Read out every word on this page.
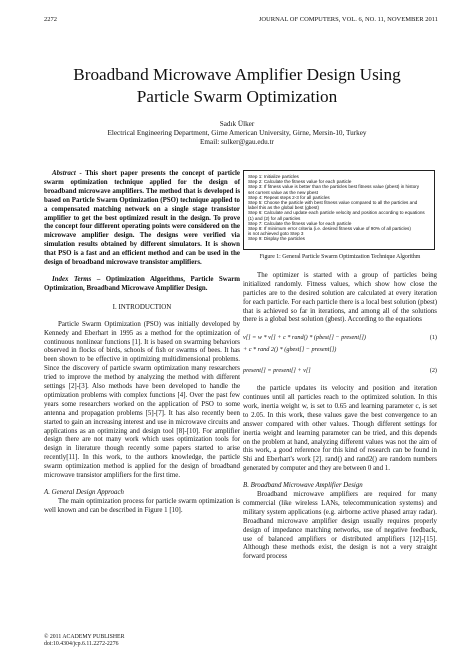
2272	JOURNAL OF COMPUTERS, VOL. 6, NO. 11, NOVEMBER 2011
Broadband Microwave Amplifier Design Using
Particle Swarm Optimization
Sadık Ülker
Electrical Engineering Department, Girne American University, Girne, Mersin-10, Turkey
Email: sulker@gau.edu.tr

Abstract - This short paper presents the concept of particle swarm optimization technique applied for the design of broadband microwave amplifiers. The method that is developed is based on Particle Swarm Optimization (PSO) technique applied to a compensated matching network on a single stage transistor amplifier to get the best optimized result in the design. To prove the concept four different operating points were considered on the microwave amplifier design. The designs were verified via simulation results obtained by different simulators. It is shown that PSO is a fast and an efficient method and can be used in the design of broadband microwave transistor amplifiers.

Index Terms – Optimization Algorithms, Particle Swarm Optimization, Broadband Microwave Amplifier Design.

I. INTRODUCTION

Particle Swarm Optimization (PSO) was initially developed by Kennedy and Eberhart in 1995 as a method for the optimization of continuous nonlinear functions [1]. It is based on swarming behaviors observed in flocks of birds, schools of fish or swarms of bees. It has been shown to be effective in optimizing multidimensional problems. Since the discovery of particle swarm optimization many researchers tried to improve the method by analyzing the method with different settings [2]-[3]. Also methods have been developed to handle the optimization problems with complex functions [4]. Over the past few years some researchers worked on the application of PSO to some antenna and propagation problems [5]-[7]. It has also recently been started to gain an increasing interest and use in microwave circuits and applications as an optimizing and design tool [8]-[10]. For amplifier design there are not many work which uses optimization tools for design in literature though recently some papers started to arise recently[11]. In this work, to the authors knowledge, the particle swarm optimization method is applied for the design of broadband microwave transistor amplifiers for the first time.

A. General Design Approach

The main optimization process for particle swarm optimization is well known and can be described in Figure 1 [10].

Step 1: Initialize particles
Step 2: Calculate the fitness value for each particle
Step 3: If fitness value is better than the particles best fitness value (pbest) in history
set current value as the new pbest
Step 4: Repeat steps 2-3 for all particles
Step 5: Choose the particle with best fitness value compared to all the particles and
label this as the global best (gbest)
Step 6: Calculate and update each particle velocity and position according to equations
(1) and (2) for all particles
Step 7: Calculate the fitness value for each particle
Step 8: If minimum error criteria (i.e. desired fitness value of 90% of all particles)
is not achieved goto Step 3
Step 9: Display the particles

Figure 1: General Particle Swarm Optimization Technique Algorithm

The optimizer is started with a group of particles being initialized randomly. Fitness values, which show how close the particles are to the desired solution are calculated at every iteration for each particle. For each particle there is a local best solution (pbest) that is achieved so far in iterations, and among all of the solutions there is a global best solution (gbest). According to the equations

v[] = w * v[] + c * rand() * (pbest[] − present[])	(1)

+ c * rand 2() * (gbest[] − present[])

present[] = present[] + v[]	(2)

the particle updates its velocity and position and iteration continues until all particles reach to the optimized solution. In this work, inertia weight w, is set to 0.65 and learning parameter c, is set to 2.05. In this work, these values gave the best convergence to an answer compared with other values. Though different settings for inertia weight and learning parameter can be tried, and this depends on the problem at hand, analyzing different values was not the aim of this work, a good reference for this kind of research can be found in Shi and Eberhart's work [2]. rand() and rand2() are random numbers generated by computer and they are between 0 and 1.

B. Broadband Microwave Amplifier Design

Broadband microwave amplifiers are required for many commercial (like wireless LANs, telecommunication systems) and military system applications (e.g. airborne active phased array radar). Broadband microwave amplifier design usually requires properly design of impedance matching networks, use of negative feedback, use of balanced amplifiers or distributed amplifiers [12]-[15]. Although these methods exist, the design is not a very straight forward process

© 2011 ACADEMY PUBLISHER
doi:10.4304/jcp.6.11.2272-2276
